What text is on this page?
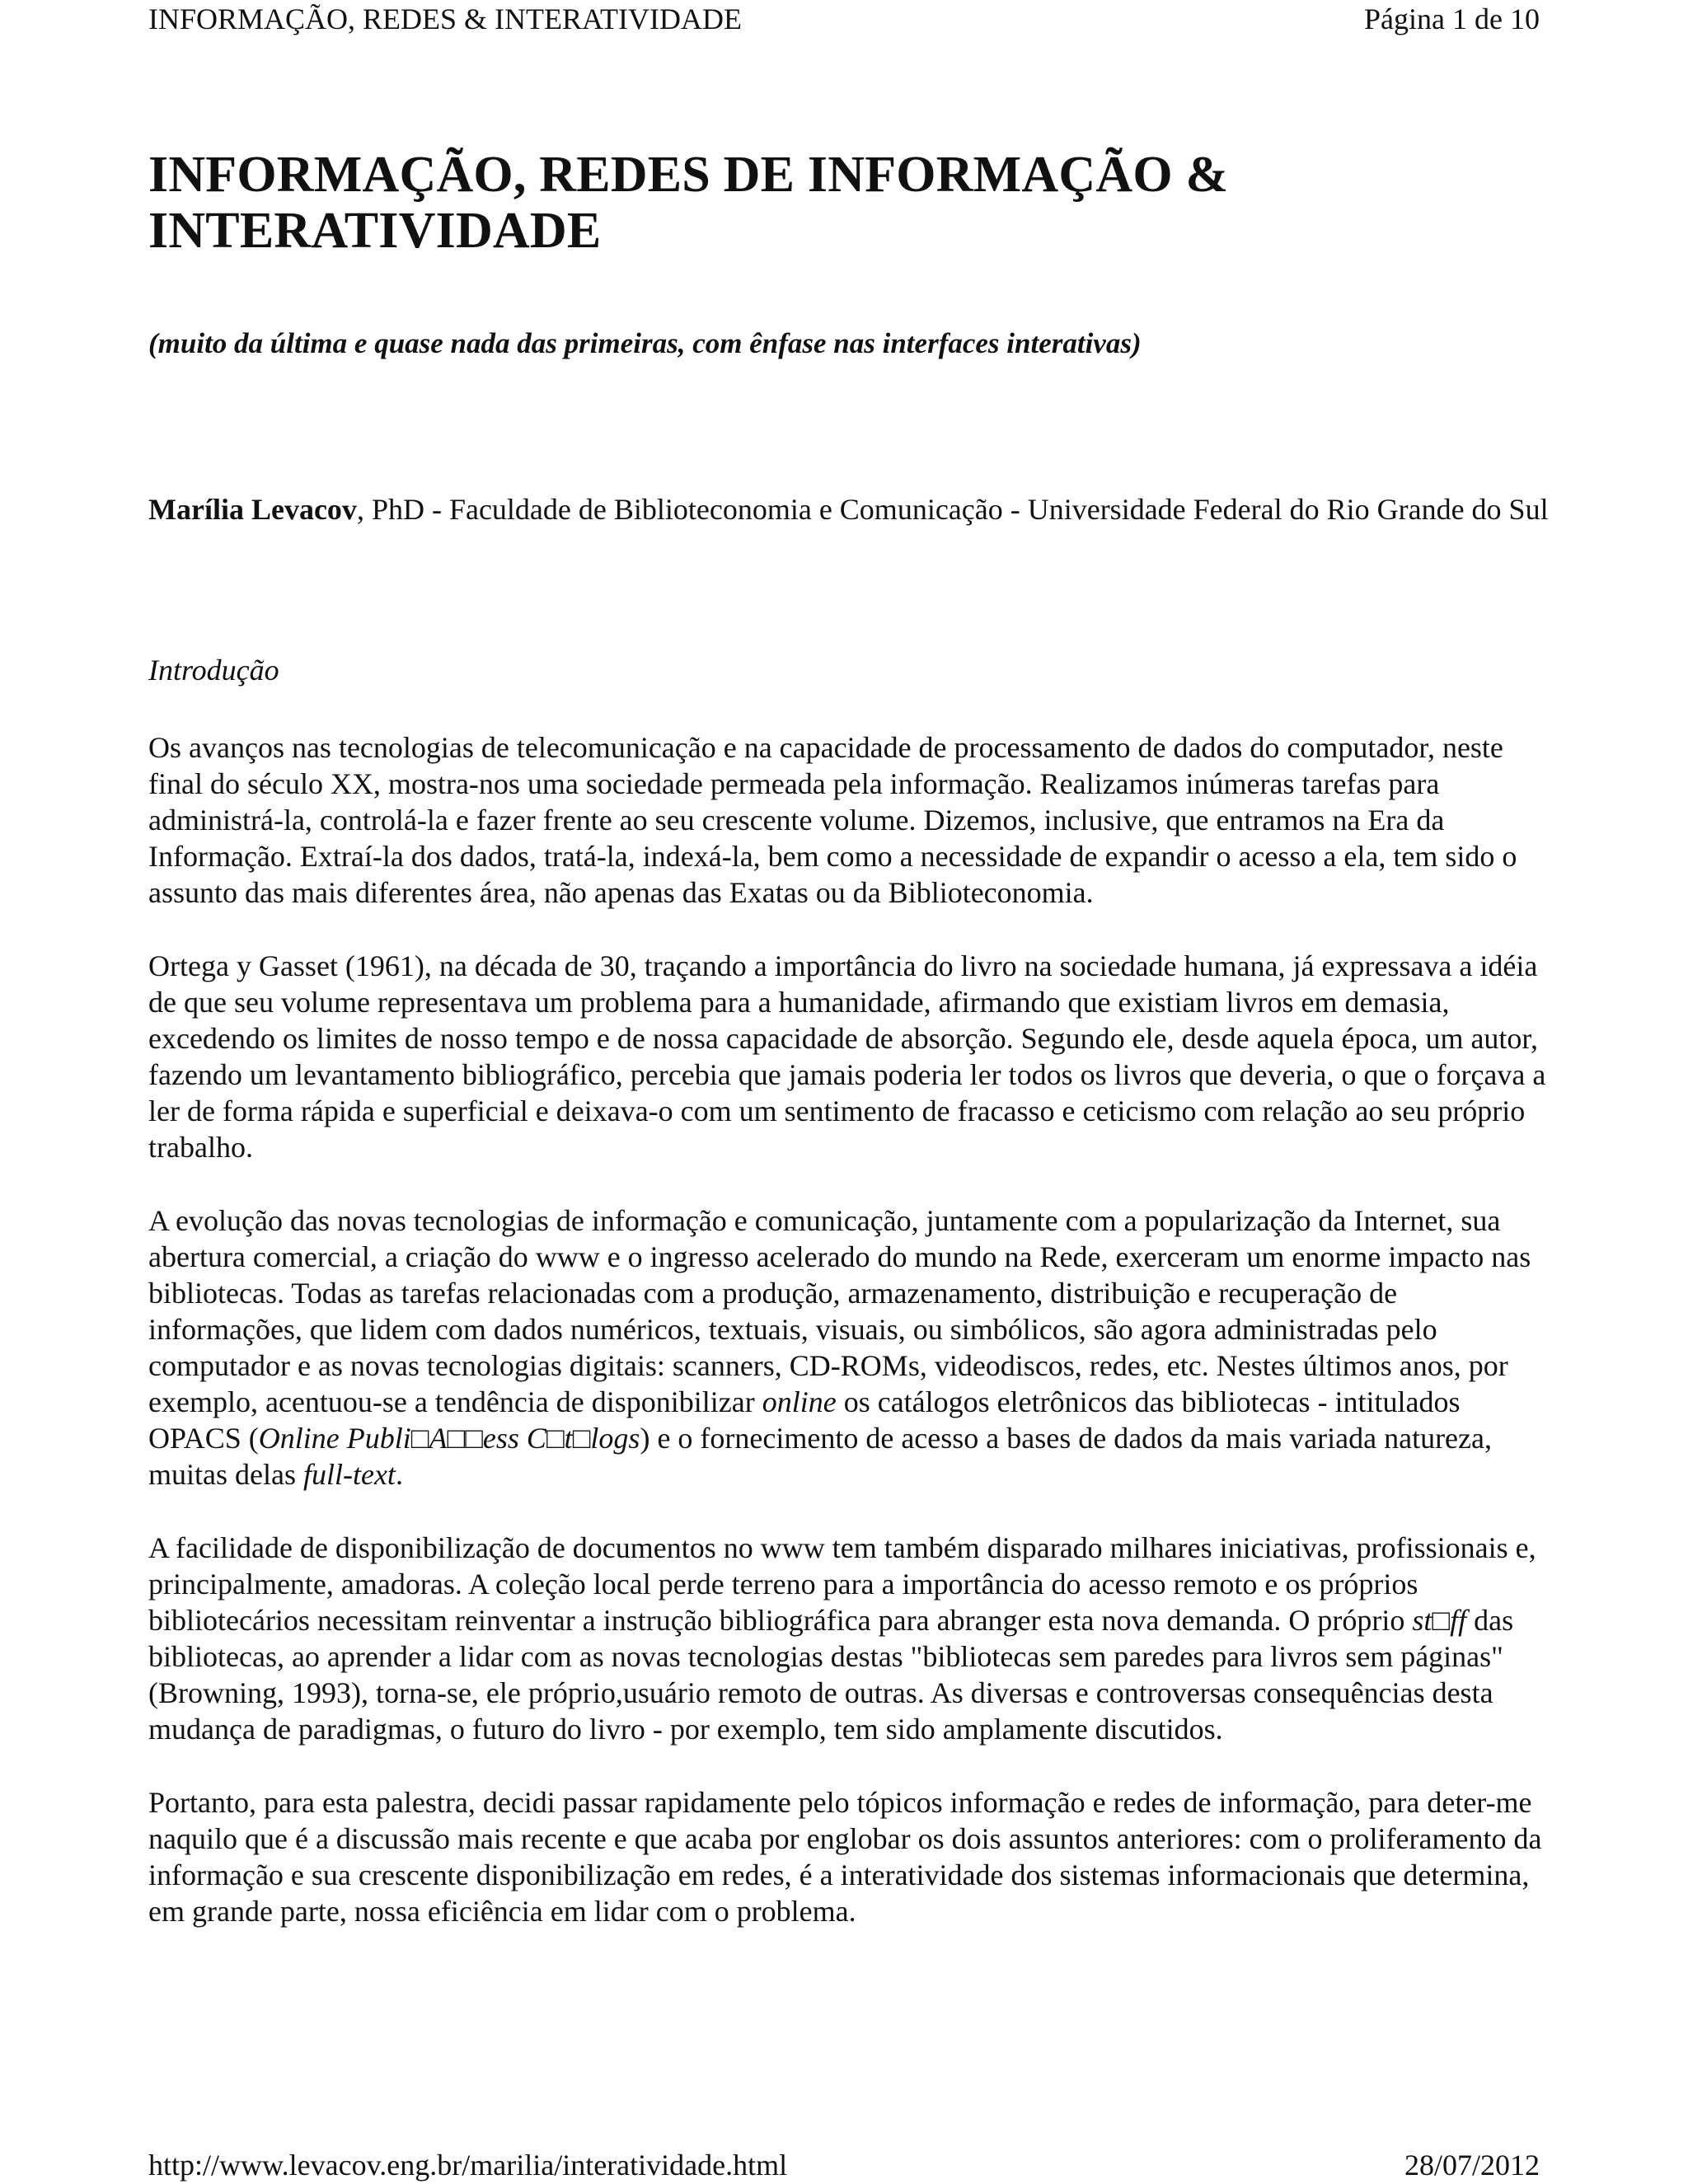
INFORMAÇÃO, REDES & INTERATIVIDADE	Página 1 de 10
INFORMAÇÃO, REDES DE INFORMAÇÃO & INTERATIVIDADE

(muito da última e quase nada das primeiras, com ênfase nas interfaces interativas)

Marília Levacov, PhD - Faculdade de Biblioteconomia e Comunicação - Universidade Federal do Rio Grande do Sul

Introdução

Os avanços nas tecnologias de telecomunicação e na capacidade de processamento de dados do computador, neste final do século XX, mostra-nos uma sociedade permeada pela informação. Realizamos inúmeras tarefas para administrá-la, controlá-la e fazer frente ao seu crescente volume. Dizemos, inclusive, que entramos na Era da Informação. Extraí-la dos dados, tratá-la, indexá-la, bem como a necessidade de expandir o acesso a ela, tem sido o assunto das mais diferentes área, não apenas das Exatas ou da Biblioteconomia.

Ortega y Gasset (1961), na década de 30, traçando a importância do livro na sociedade humana, já expressava a idéia de que seu volume representava um problema para a humanidade, afirmando que existiam livros em demasia, excedendo os limites de nosso tempo e de nossa capacidade de absorção. Segundo ele, desde aquela época, um autor, fazendo um levantamento bibliográfico, percebia que jamais poderia ler todos os livros que deveria, o que o forçava a ler de forma rápida e superficial e deixava-o com um sentimento de fracasso e ceticismo com relação ao seu próprio trabalho.

A evolução das novas tecnologias de informação e comunicação, juntamente com a popularização da Internet, sua abertura comercial, a criação do www e o ingresso acelerado do mundo na Rede, exerceram um enorme impacto nas bibliotecas. Todas as tarefas relacionadas com a produção, armazenamento, distribuição e recuperação de informações, que lidem com dados numéricos, textuais, visuais, ou simbólicos, são agora administradas pelo computador e as novas tecnologias digitais: scanners, CD-ROMs, videodiscos, redes, etc. Nestes últimos anos, por exemplo, acentuou-se a tendência de disponibilizar online os catálogos eletrônicos das bibliotecas - intitulados OPACS (Online Publi□A□□ess C□t□logs) e o fornecimento de acesso a bases de dados da mais variada natureza, muitas delas full-text.

A facilidade de disponibilização de documentos no www tem também disparado milhares iniciativas, profissionais e, principalmente, amadoras. A coleção local perde terreno para a importância do acesso remoto e os próprios bibliotecários necessitam reinventar a instrução bibliográfica para abranger esta nova demanda. O próprio st□ff das bibliotecas, ao aprender a lidar com as novas tecnologias destas "bibliotecas sem paredes para livros sem páginas" (Browning, 1993), torna-se, ele próprio,usuário remoto de outras. As diversas e controversas consequências desta mudança de paradigmas, o futuro do livro - por exemplo, tem sido amplamente discutidos.

Portanto, para esta palestra, decidi passar rapidamente pelo tópicos informação e redes de informação, para deter-me naquilo que é a discussão mais recente e que acaba por englobar os dois assuntos anteriores: com o proliferamento da informação e sua crescente disponibilização em redes, é a interatividade dos sistemas informacionais que determina, em grande parte, nossa eficiência em lidar com o problema.

http://www.levacov.eng.br/marilia/interatividade.html	28/07/2012
